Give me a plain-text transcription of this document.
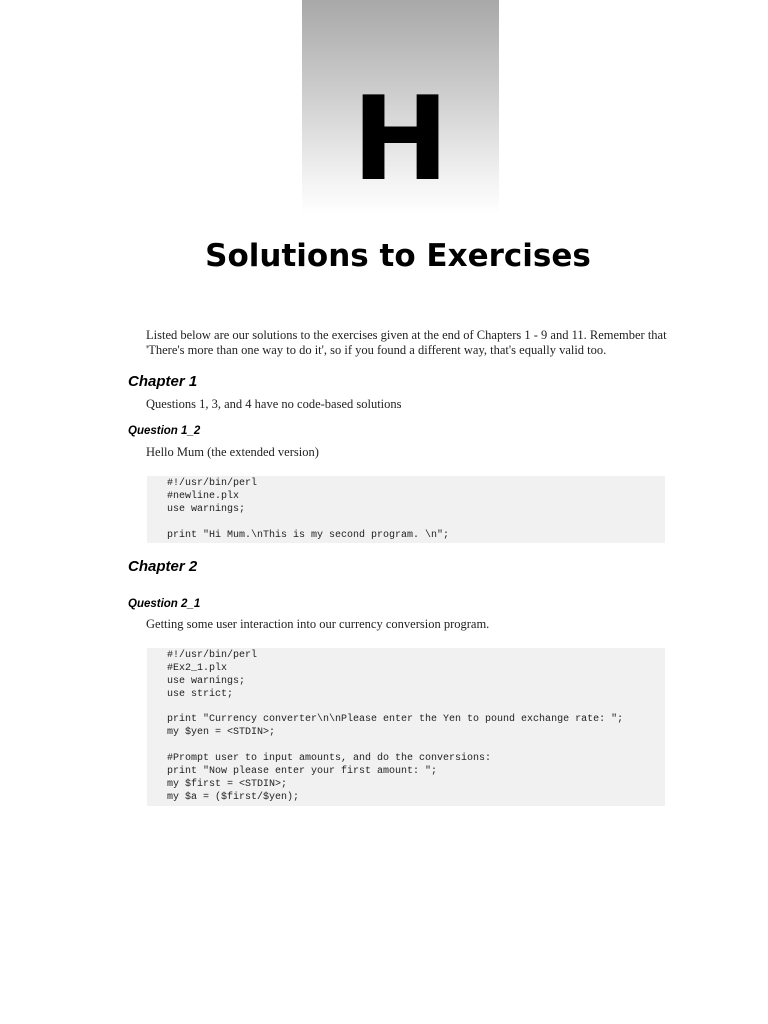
H
Solutions to Exercises
Listed below are our solutions to the exercises given at the end of Chapters 1 - 9 and 11. Remember that 'There's more than one way to do it', so if you found a different way, that's equally valid too.
Chapter 1
Questions 1, 3, and 4 have no code-based solutions
Question 1_2
Hello Mum (the extended version)
#!/usr/bin/perl
#newline.plx
use warnings;
print "Hi Mum.\nThis is my second program. \n";
Chapter 2
Question 2_1
Getting some user interaction into our currency conversion program.
#!/usr/bin/perl
#Ex2_1.plx
use warnings;
use strict;
print "Currency converter\n\nPlease enter the Yen to pound exchange rate: ";
my $yen = <STDIN>;
#Prompt user to input amounts, and do the conversions:
print "Now please enter your first amount: ";
my $first = <STDIN>;
my $a = ($first/$yen);
